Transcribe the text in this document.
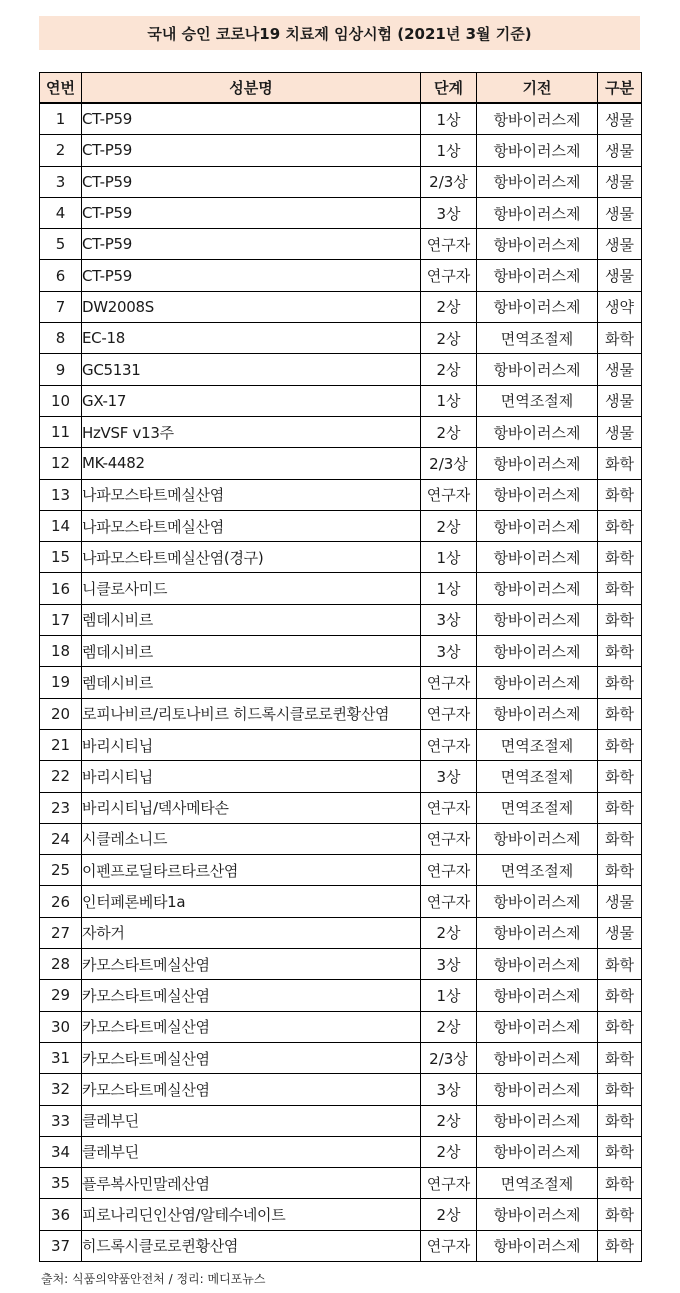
국내 승인 코로나19 치료제 임상시험 (2021년 3월 기준)
연번	성분명	단계	기전	구분
1	CT-P59	1상	항바이러스제	생물
2	CT-P59	1상	항바이러스제	생물
3	CT-P59	2/3상	항바이러스제	생물
4	CT-P59	3상	항바이러스제	생물
5	CT-P59	연구자	항바이러스제	생물
6	CT-P59	연구자	항바이러스제	생물
7	DW2008S	2상	항바이러스제	생약
8	EC-18	2상	면역조절제	화학
9	GC5131	2상	항바이러스제	생물
10	GX-17	1상	면역조절제	생물
11	HzVSF v13주	2상	항바이러스제	생물
12	MK-4482	2/3상	항바이러스제	화학
13	나파모스타트메실산염	연구자	항바이러스제	화학
14	나파모스타트메실산염	2상	항바이러스제	화학
15	나파모스타트메실산염(경구)	1상	항바이러스제	화학
16	니클로사미드	1상	항바이러스제	화학
17	렘데시비르	3상	항바이러스제	화학
18	렘데시비르	3상	항바이러스제	화학
19	렘데시비르	연구자	항바이러스제	화학
20	로피나비르/리토나비르 히드록시클로로퀸황산염	연구자	항바이러스제	화학
21	바리시티닙	연구자	면역조절제	화학
22	바리시티닙	3상	면역조절제	화학
23	바리시티닙/덱사메타손	연구자	면역조절제	화학
24	시클레소니드	연구자	항바이러스제	화학
25	이펜프로딜타르타르산염	연구자	면역조절제	화학
26	인터페론베타1a	연구자	항바이러스제	생물
27	자하거	2상	항바이러스제	생물
28	카모스타트메실산염	3상	항바이러스제	화학
29	카모스타트메실산염	1상	항바이러스제	화학
30	카모스타트메실산염	2상	항바이러스제	화학
31	카모스타트메실산염	2/3상	항바이러스제	화학
32	카모스타트메실산염	3상	항바이러스제	화학
33	클레부딘	2상	항바이러스제	화학
34	클레부딘	2상	항바이러스제	화학
35	플루복사민말레산염	연구자	면역조절제	화학
36	피로나리딘인산염/알테수네이트	2상	항바이러스제	화학
37	히드록시클로로퀸황산염	연구자	항바이러스제	화학
출처: 식품의약품안전처 / 정리: 메디포뉴스
